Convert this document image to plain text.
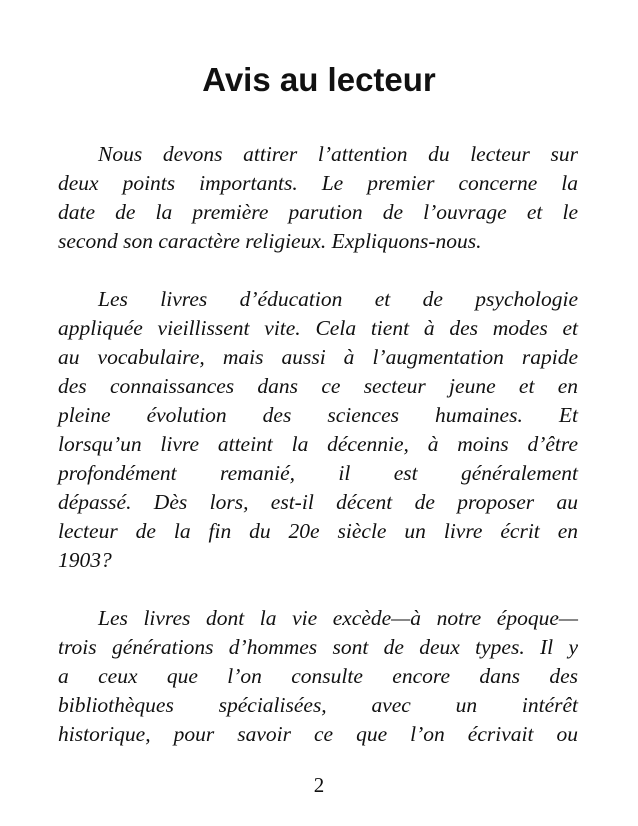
Avis au lecteur
Nous devons attirer l’attention du lecteur sur
deux points importants. Le premier concerne la
date de la première parution de l’ouvrage et le
second son caractère religieux. Expliquons-nous.
Les livres d’éducation et de psychologie
appliquée vieillissent vite. Cela tient à des modes et
au vocabulaire, mais aussi à l’augmentation rapide
des connaissances dans ce secteur jeune et en
pleine évolution des sciences humaines. Et
lorsqu’un livre atteint la décennie, à moins d’être
profondément remanié, il est généralement
dépassé. Dès lors, est-il décent de proposer au
lecteur de la fin du 20e siècle un livre écrit en
1903?
Les livres dont la vie excède—à notre époque—
trois générations d’hommes sont de deux types. Il y
a ceux que l’on consulte encore dans des
bibliothèques spécialisées, avec un intérêt
historique, pour savoir ce que l’on écrivait ou
2
